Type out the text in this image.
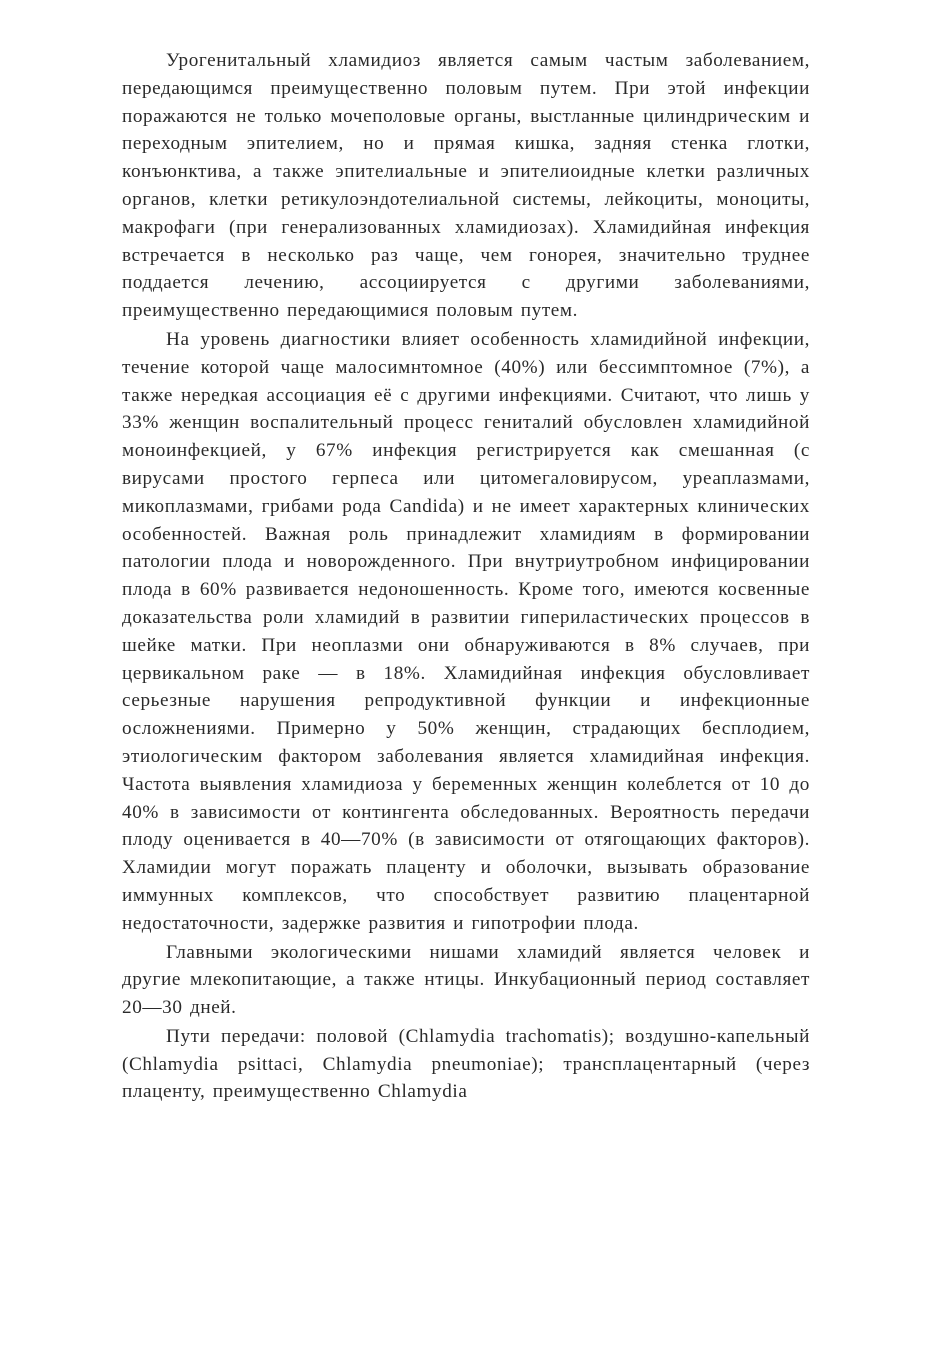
Урогенитальный хламидиоз является самым частым заболеванием, передающимся преимущественно половым путем. При этой инфекции поражаются не только мочеполовые органы, выстланные цилиндрическим и переходным эпителием, но и прямая кишка, задняя стенка глотки, конъюнктива, а также эпителиальные и эпителиоидные клетки различных органов, клетки ретикулоэндотелиальной системы, лейкоциты, моноциты, макрофаги (при генерализованных хламидиозах). Хламидийная инфекция встречается в несколько раз чаще, чем гонорея, значительно труднее поддается лечению, ассоциируется с другими заболеваниями, преимущественно передающимися половым путем.

На уровень диагностики влияет особенность хламидийной инфекции, течение которой чаще малосимнтомное (40%) или бессимптомное (7%), а также нередкая ассоциация её с другими инфекциями. Считают, что лишь у 33% женщин воспалительный процесс гениталий обусловлен хламидийной моноинфекцией, у 67% инфекция регистрируется как смешанная (с вирусами простого герпеса или цитомегаловирусом, уреаплазмами, микоплазмами, грибами рода Candida) и не имеет характерных клинических особенностей. Важная роль принадлежит хламидиям в формировании патологии плода и новорожденного. При внутриутробном инфицировании плода в 60% развивается недоношенность. Кроме того, имеются косвенные доказательства роли хламидий в развитии гипериластических процессов в шейке матки. При неоплазми они обнаруживаются в 8% случаев, при цервикальном раке — в 18%. Хламидийная инфекция обусловливает серьезные нарушения репродуктивной функции и инфекционные осложнениями. Примерно у 50% женщин, страдающих бесплодием, этиологическим фактором заболевания является хламидийная инфекция. Частота выявления хламидиоза у беременных женщин колеблется от 10 до 40% в зависимости от контингента обследованных. Вероятность передачи плоду оценивается в 40—70% (в зависимости от отягощающих факторов). Хламидии могут поражать плаценту и оболочки, вызывать образование иммунных комплексов, что способствует развитию плацентарной недостаточности, задержке развития и гипотрофии плода.

Главными экологическими нишами хламидий является человек и другие млекопитающие, а также нтицы. Инкубационный период составляет 20—30 дней.

Пути передачи: половой (Chlamydia trachomatis); воздушно-капельный (Chlamydia psittaci, Chlamydia pneumoniae); трансплацентарный (через плаценту, преимущественно Chlamydia
